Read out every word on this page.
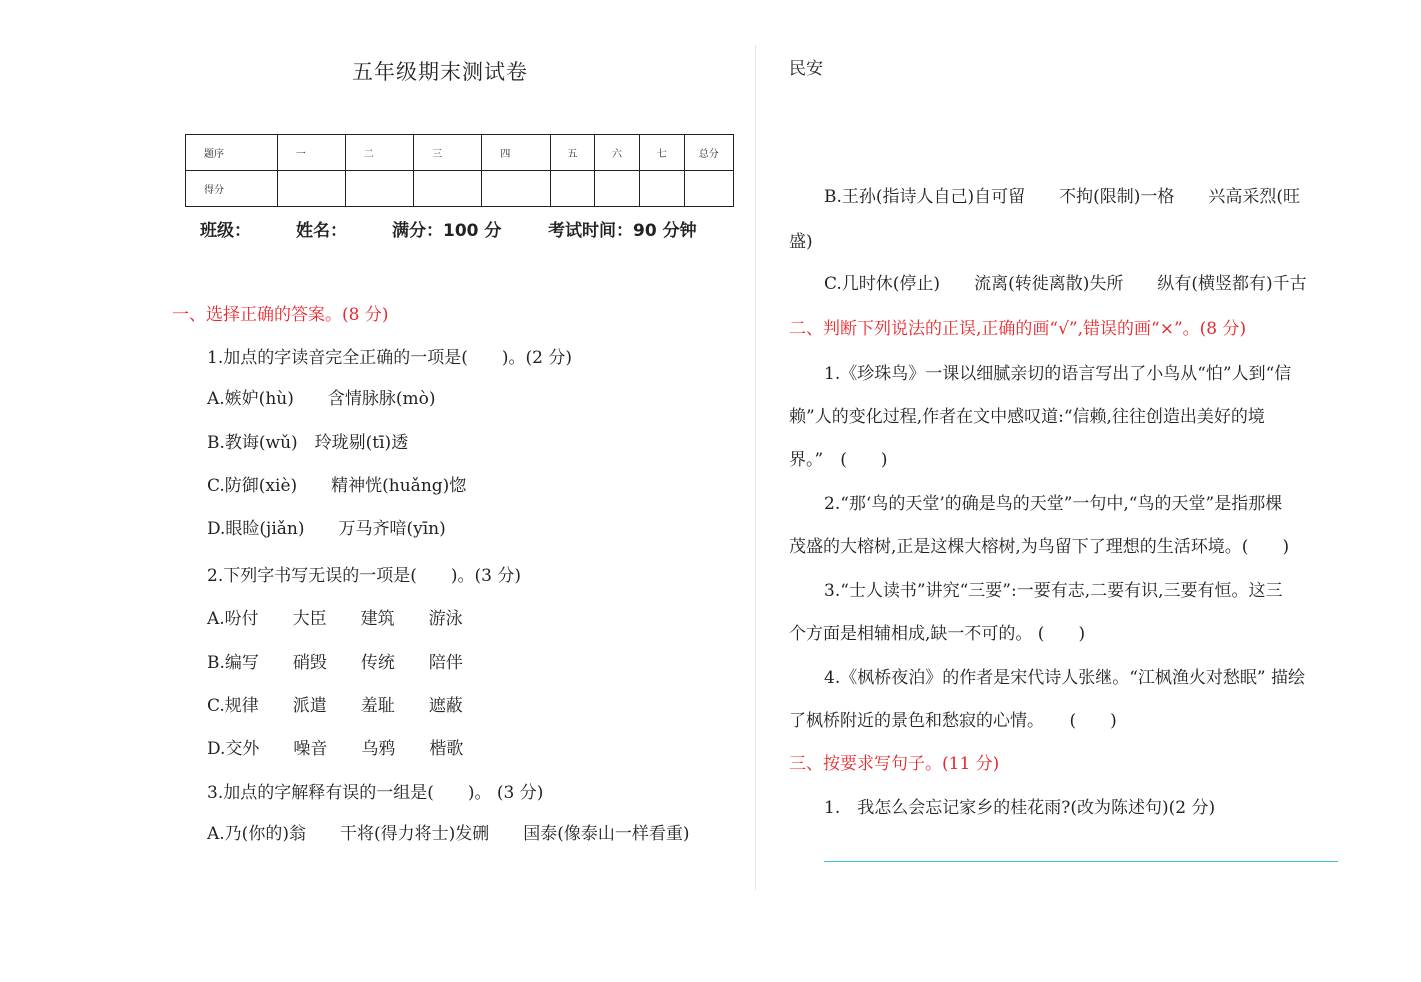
五年级期末测试卷
题序	一	二	三	四	五	六	七	总分
得分								
班级：	姓名：	满分：100 分	考试时间：90 分钟
一、选择正确的答案。(8 分)
1.加点的字读音完全正确的一项是(　　)。(2 分)
A.嫉妒(hù)　　含情脉脉(mò)
B.教诲(wǔ)　玲珑剔(tī)透
C.防御(xiè)　　精神恍(huǎng)惚
D.眼睑(jiǎn)　　万马齐喑(yīn)
2.下列字书写无误的一项是(　　)。(3 分)
A.吩付　　大臣　　建筑　　游泳
B.编写　　硝毁　　传统　　陪伴
C.规律　　派遣　　羞耻　　遮蔽
D.交外　　噪音　　乌鸦　　楷歌
3.加点的字解释有误的一组是(　　)。 (3 分)
A.乃(你的)翁　　干将(得力将士)发硎　　国泰(像泰山一样看重)
民安
B.王孙(指诗人自己)自可留　　不拘(限制)一格　　兴高采烈(旺
盛)
C.几时休(停止)　　流离(转徙离散)失所　　纵有(横竖都有)千古
二、判断下列说法的正误,正确的画“√”,错误的画“×”。(8 分)
1.《珍珠鸟》一课以细腻亲切的语言写出了小鸟从“怕”人到“信
赖”人的变化过程,作者在文中感叹道:“信赖,往往创造出美好的境
界。”　(　　)
2.“那‘鸟的天堂’的确是鸟的天堂”一句中,“鸟的天堂”是指那棵
茂盛的大榕树,正是这棵大榕树,为鸟留下了理想的生活环境。(　　)
3.“士人读书”讲究“三要”:一要有志,二要有识,三要有恒。这三
个方面是相辅相成,缺一不可的。 (　　)
4.《枫桥夜泊》的作者是宋代诗人张继。“江枫渔火对愁眠” 描绘
了枫桥附近的景色和愁寂的心情。　　(　　)
三、按要求写句子。(11 分)
1.　我怎么会忘记家乡的桂花雨?(改为陈述句)(2 分)
